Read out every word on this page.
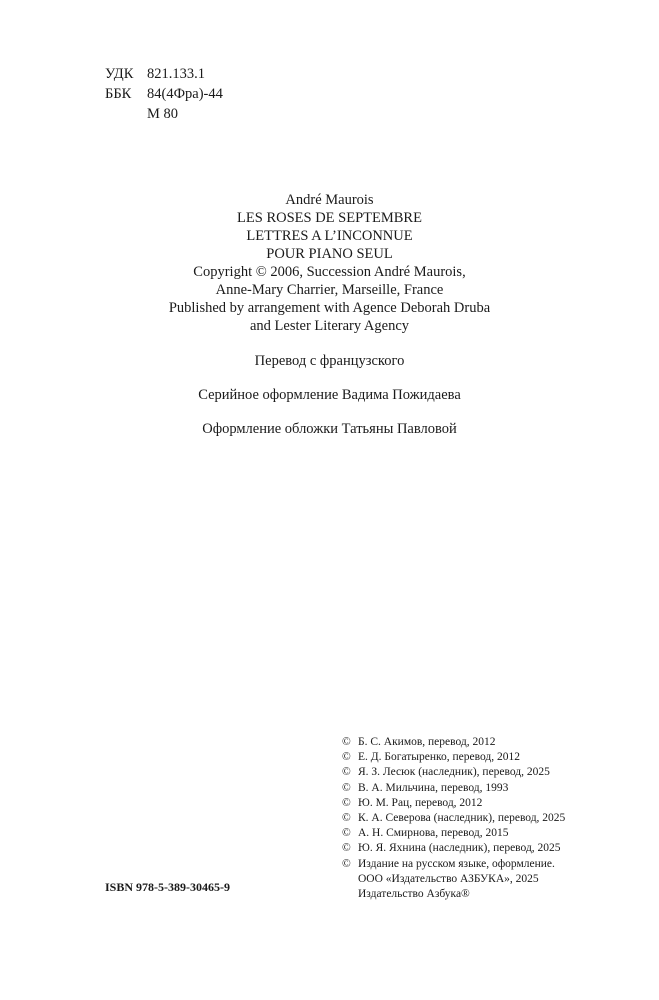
УДК 821.133.1
ББК	84(4Фра)-44
М 80
André Maurois
LES ROSES DE SEPTEMBRE
LETTRES A L’INCONNUE
POUR PIANO SEUL
Copyright © 2006, Succession André Maurois,
Anne-Mary Charrier, Marseille, France
Published by arrangement with Agence Deborah Druba
and Lester Literary Agency
Перевод с французского
Серийное оформление Вадима Пожидаева
Оформление обложки Татьяны Павловой
© Б. С. Акимов, перевод, 2012
© Е. Д. Богатыренко, перевод, 2012
© Я. З. Лесюк (наследник), перевод, 2025
© В. А. Мильчина, перевод, 1993
© Ю. М. Рац, перевод, 2012
© К. А. Северова (наследник), перевод, 2025
© А. Н. Смирнова, перевод, 2015
© Ю. Я. Яхнина (наследник), перевод, 2025
© Издание на русском языке, оформление.
ООО «Издательство АЗБУКА», 2025
Издательство Азбука®
ISBN 978-5-389-30465-9
